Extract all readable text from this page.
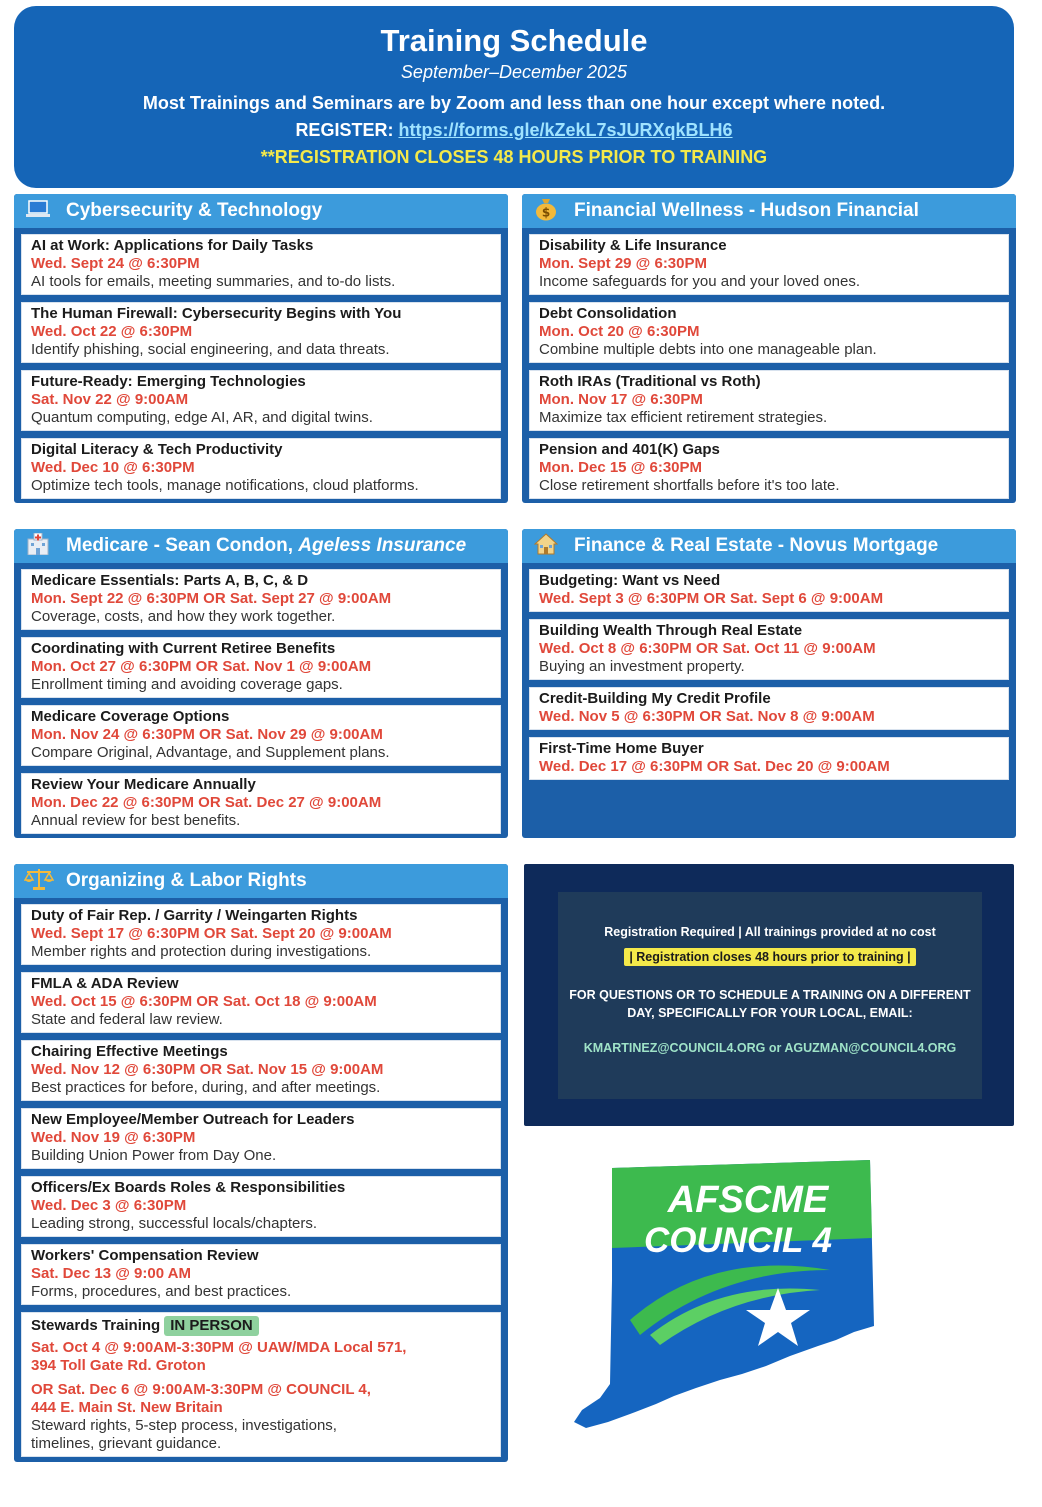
Training Schedule
September–December 2025
Most Trainings and Seminars are by Zoom and less than one hour except where noted.
REGISTER: https://forms.gle/kZekL7sJURXqkBLH6
**REGISTRATION CLOSES 48 HOURS PRIOR TO TRAINING
Cybersecurity & Technology
AI at Work: Applications for Daily Tasks
Wed. Sept 24 @ 6:30PM
AI tools for emails, meeting summaries, and to-do lists.
The Human Firewall: Cybersecurity Begins with You
Wed. Oct 22 @ 6:30PM
Identify phishing, social engineering, and data threats.
Future-Ready: Emerging Technologies
Sat. Nov 22 @ 9:00AM
Quantum computing, edge AI, AR, and digital twins.
Digital Literacy & Tech Productivity
Wed. Dec 10 @ 6:30PM
Optimize tech tools, manage notifications, cloud platforms.
$ Financial Wellness - Hudson Financial
Disability & Life Insurance
Mon. Sept 29 @ 6:30PM
Income safeguards for you and your loved ones.
Debt Consolidation
Mon. Oct 20 @ 6:30PM
Combine multiple debts into one manageable plan.
Roth IRAs (Traditional vs Roth)
Mon. Nov 17 @ 6:30PM
Maximize tax efficient retirement strategies.
Pension and 401(K) Gaps
Mon. Dec 15 @ 6:30PM
Close retirement shortfalls before it's too late.
Medicare - Sean Condon, Ageless Insurance
Medicare Essentials: Parts A, B, C, & D
Mon. Sept 22 @ 6:30PM OR Sat. Sept 27 @ 9:00AM
Coverage, costs, and how they work together.
Coordinating with Current Retiree Benefits
Mon. Oct 27 @ 6:30PM OR Sat. Nov 1 @ 9:00AM
Enrollment timing and avoiding coverage gaps.
Medicare Coverage Options
Mon. Nov 24 @ 6:30PM OR Sat. Nov 29 @ 9:00AM
Compare Original, Advantage, and Supplement plans.
Review Your Medicare Annually
Mon. Dec 22 @ 6:30PM OR Sat. Dec 27 @ 9:00AM
Annual review for best benefits.
Finance & Real Estate - Novus Mortgage
Budgeting: Want vs Need
Wed. Sept 3 @ 6:30PM OR Sat. Sept 6 @ 9:00AM
Building Wealth Through Real Estate
Wed. Oct 8 @ 6:30PM OR Sat. Oct 11 @ 9:00AM
Buying an investment property.
Credit-Building My Credit Profile
Wed. Nov 5 @ 6:30PM OR Sat. Nov 8 @ 9:00AM
First-Time Home Buyer
Wed. Dec 17 @ 6:30PM OR Sat. Dec 20 @ 9:00AM
Organizing & Labor Rights
Duty of Fair Rep. / Garrity / Weingarten Rights
Wed. Sept 17 @ 6:30PM OR Sat. Sept 20 @ 9:00AM
Member rights and protection during investigations.
FMLA & ADA Review
Wed. Oct 15 @ 6:30PM OR Sat. Oct 18 @ 9:00AM
State and federal law review.
Chairing Effective Meetings
Wed. Nov 12 @ 6:30PM OR Sat. Nov 15 @ 9:00AM
Best practices for before, during, and after meetings.
New Employee/Member Outreach for Leaders
Wed. Nov 19 @ 6:30PM
Building Union Power from Day One.
Officers/Ex Boards Roles & Responsibilities
Wed. Dec 3 @ 6:30PM
Leading strong, successful locals/chapters.
Workers' Compensation Review
Sat. Dec 13 @ 9:00 AM
Forms, procedures, and best practices.
Stewards Training IN PERSON
Sat. Oct 4 @ 9:00AM-3:30PM @ UAW/MDA Local 571,
394 Toll Gate Rd. Groton
OR Sat. Dec 6 @ 9:00AM-3:30PM @ COUNCIL 4,
444 E. Main St. New Britain
Steward rights, 5-step process, investigations,
timelines, grievant guidance.
Registration Required | All trainings provided at no cost
| Registration closes 48 hours prior to training |
FOR QUESTIONS OR TO SCHEDULE A TRAINING ON A DIFFERENT DAY, SPECIFICALLY FOR YOUR LOCAL, EMAIL:
KMARTINEZ@COUNCIL4.ORG or AGUZMAN@COUNCIL4.ORG
AFSCME
COUNCIL 4
